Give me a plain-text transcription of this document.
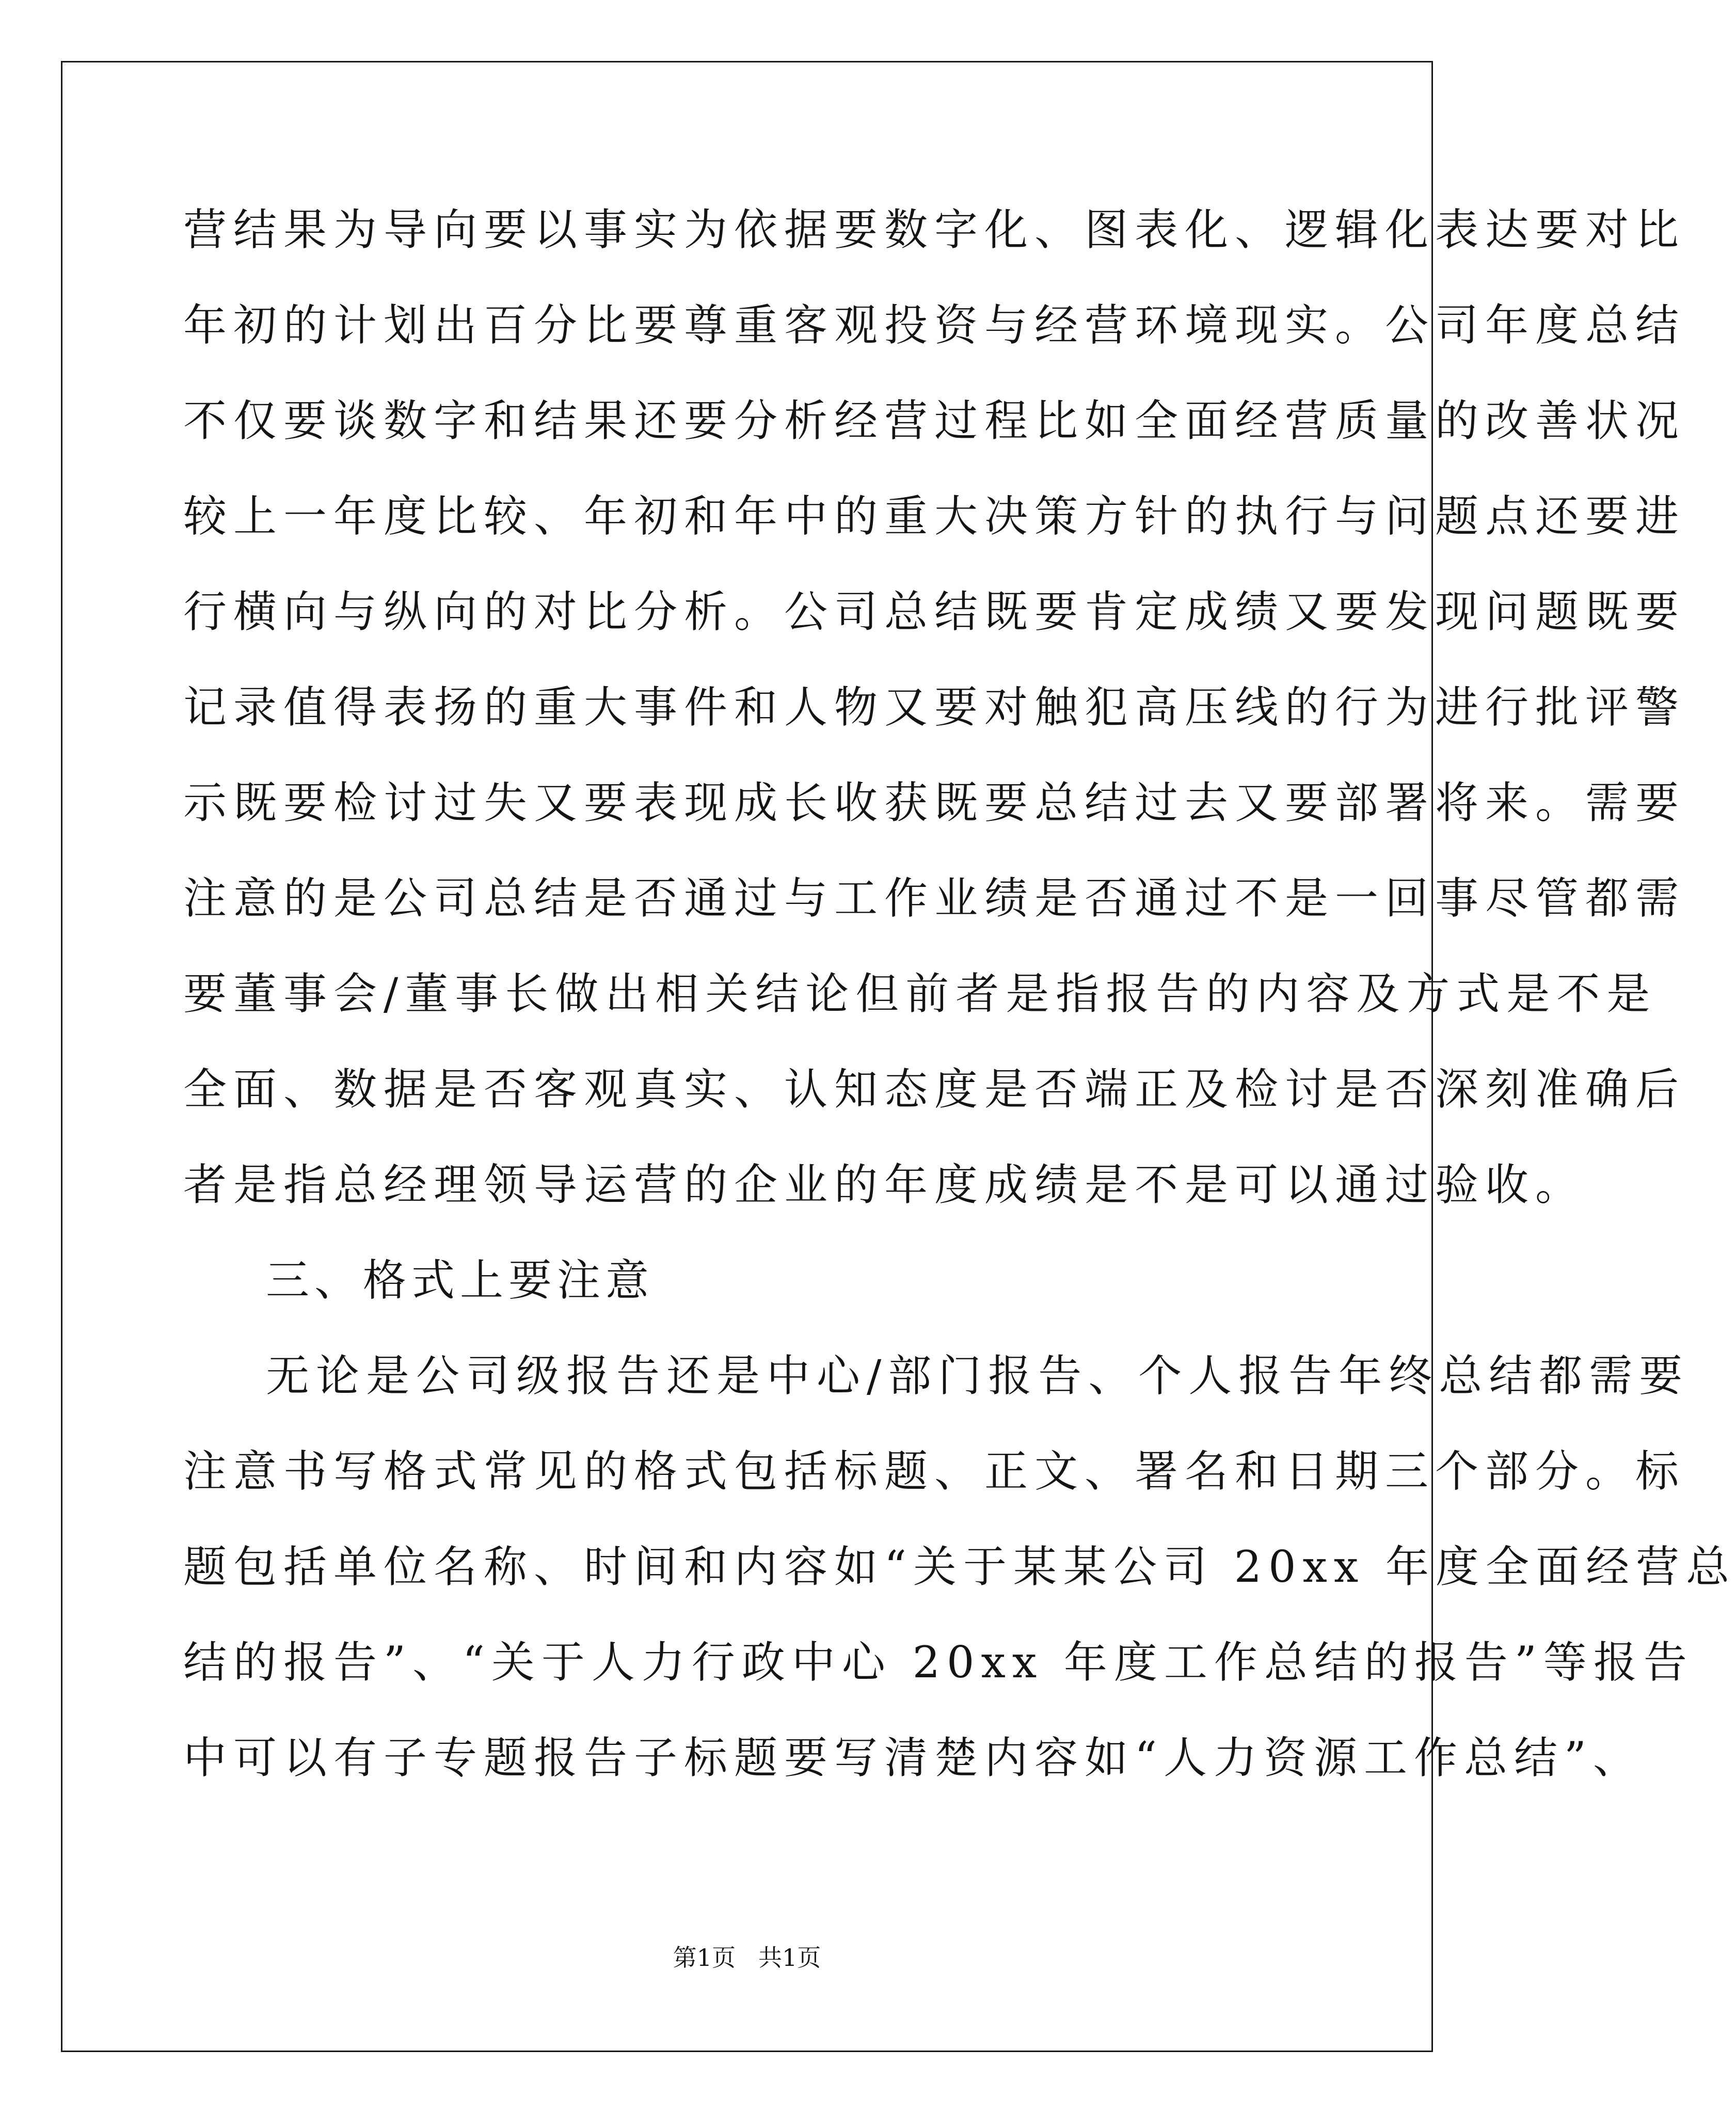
营结果为导向要以事实为依据要数字化、图表化、逻辑化表达要对比
年初的计划出百分比要尊重客观投资与经营环境现实。公司年度总结
不仅要谈数字和结果还要分析经营过程比如全面经营质量的改善状况
较上一年度比较、年初和年中的重大决策方针的执行与问题点还要进
行横向与纵向的对比分析。公司总结既要肯定成绩又要发现问题既要
记录值得表扬的重大事件和人物又要对触犯高压线的行为进行批评警
示既要检讨过失又要表现成长收获既要总结过去又要部署将来。需要
注意的是公司总结是否通过与工作业绩是否通过不是一回事尽管都需
要董事会/董事长做出相关结论但前者是指报告的内容及方式是不是
全面、数据是否客观真实、认知态度是否端正及检讨是否深刻准确后
者是指总经理领导运营的企业的年度成绩是不是可以通过验收。
三、格式上要注意
无论是公司级报告还是中心/部门报告、个人报告年终总结都需要
注意书写格式常见的格式包括标题、正文、署名和日期三个部分。标
题包括单位名称、时间和内容如“关于某某公司 20xx 年度全面经营总
结的报告”、“关于人力行政中心 20xx 年度工作总结的报告”等报告
中可以有子专题报告子标题要写清楚内容如“人力资源工作总结”、
第1页 共1页
